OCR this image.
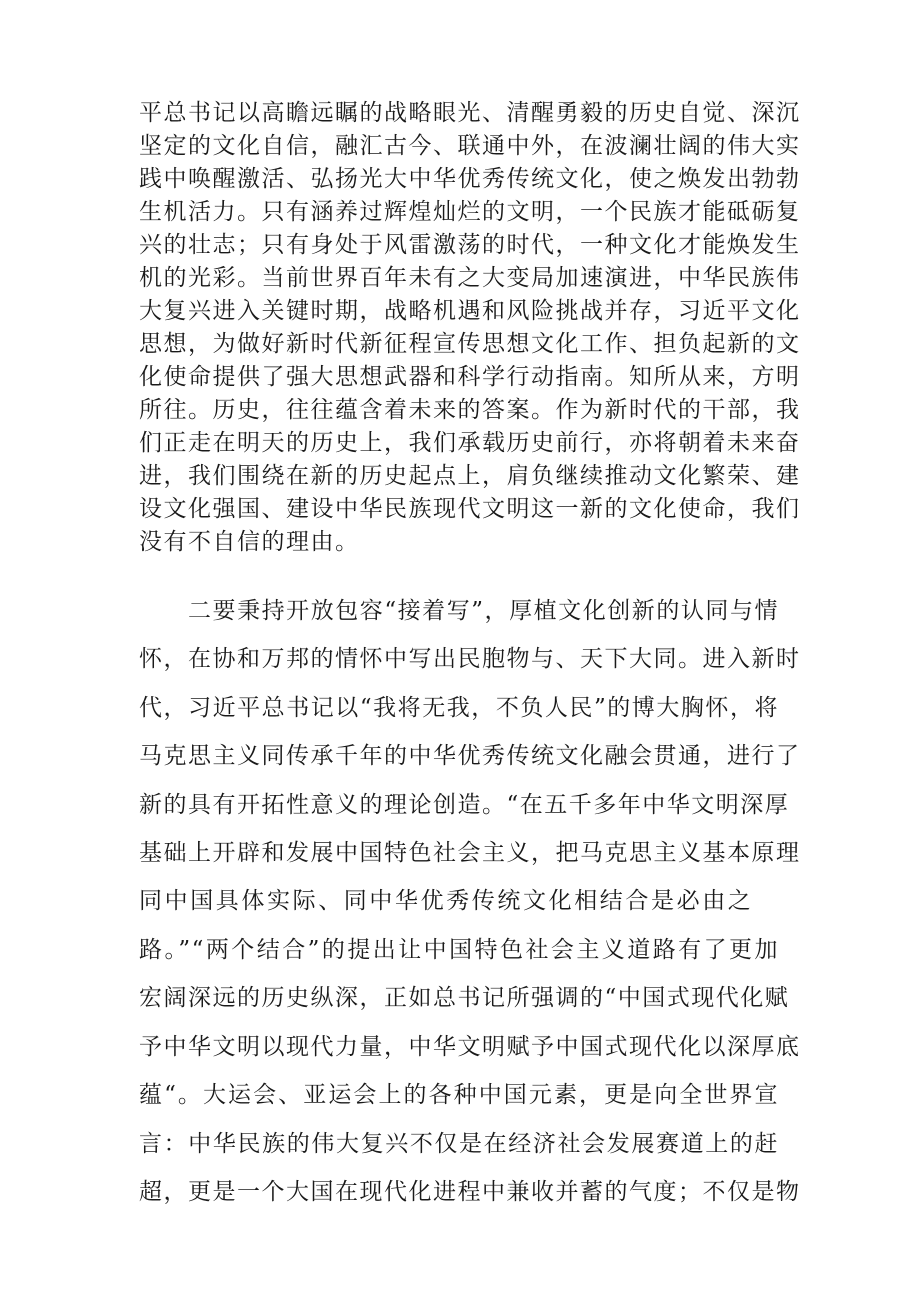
平总书记以高瞻远瞩的战略眼光、清醒勇毅的历史自觉、深沉
坚定的文化自信，融汇古今、联通中外，在波澜壮阔的伟大实
践中唤醒激活、弘扬光大中华优秀传统文化，使之焕发出勃勃
生机活力。只有涵养过辉煌灿烂的文明，一个民族才能砥砺复
兴的壮志；只有身处于风雷激荡的时代，一种文化才能焕发生
机的光彩。当前世界百年未有之大变局加速演进，中华民族伟
大复兴进入关键时期，战略机遇和风险挑战并存，习近平文化
思想，为做好新时代新征程宣传思想文化工作、担负起新的文
化使命提供了强大思想武器和科学行动指南。知所从来，方明
所往。历史，往往蕴含着未来的答案。作为新时代的干部，我
们正走在明天的历史上，我们承载历史前行，亦将朝着未来奋
进，我们围绕在新的历史起点上，肩负继续推动文化繁荣、建
设文化强国、建设中华民族现代文明这一新的文化使命，我们
没有不自信的理由。
二要秉持开放包容“接着写”，厚植文化创新的认同与情
怀，在协和万邦的情怀中写出民胞物与、天下大同。进入新时
代，习近平总书记以“我将无我，不负人民”的博大胸怀，将
马克思主义同传承千年的中华优秀传统文化融会贯通，进行了
新的具有开拓性意义的理论创造。“在五千多年中华文明深厚
基础上开辟和发展中国特色社会主义，把马克思主义基本原理
同中国具体实际、同中华优秀传统文化相结合是必由之
路。”“两个结合”的提出让中国特色社会主义道路有了更加
宏阔深远的历史纵深，正如总书记所强调的“中国式现代化赋
予中华文明以现代力量，中华文明赋予中国式现代化以深厚底
蕴“。大运会、亚运会上的各种中国元素，更是向全世界宣
言：中华民族的伟大复兴不仅是在经济社会发展赛道上的赶
超，更是一个大国在现代化进程中兼收并蓄的气度；不仅是物
